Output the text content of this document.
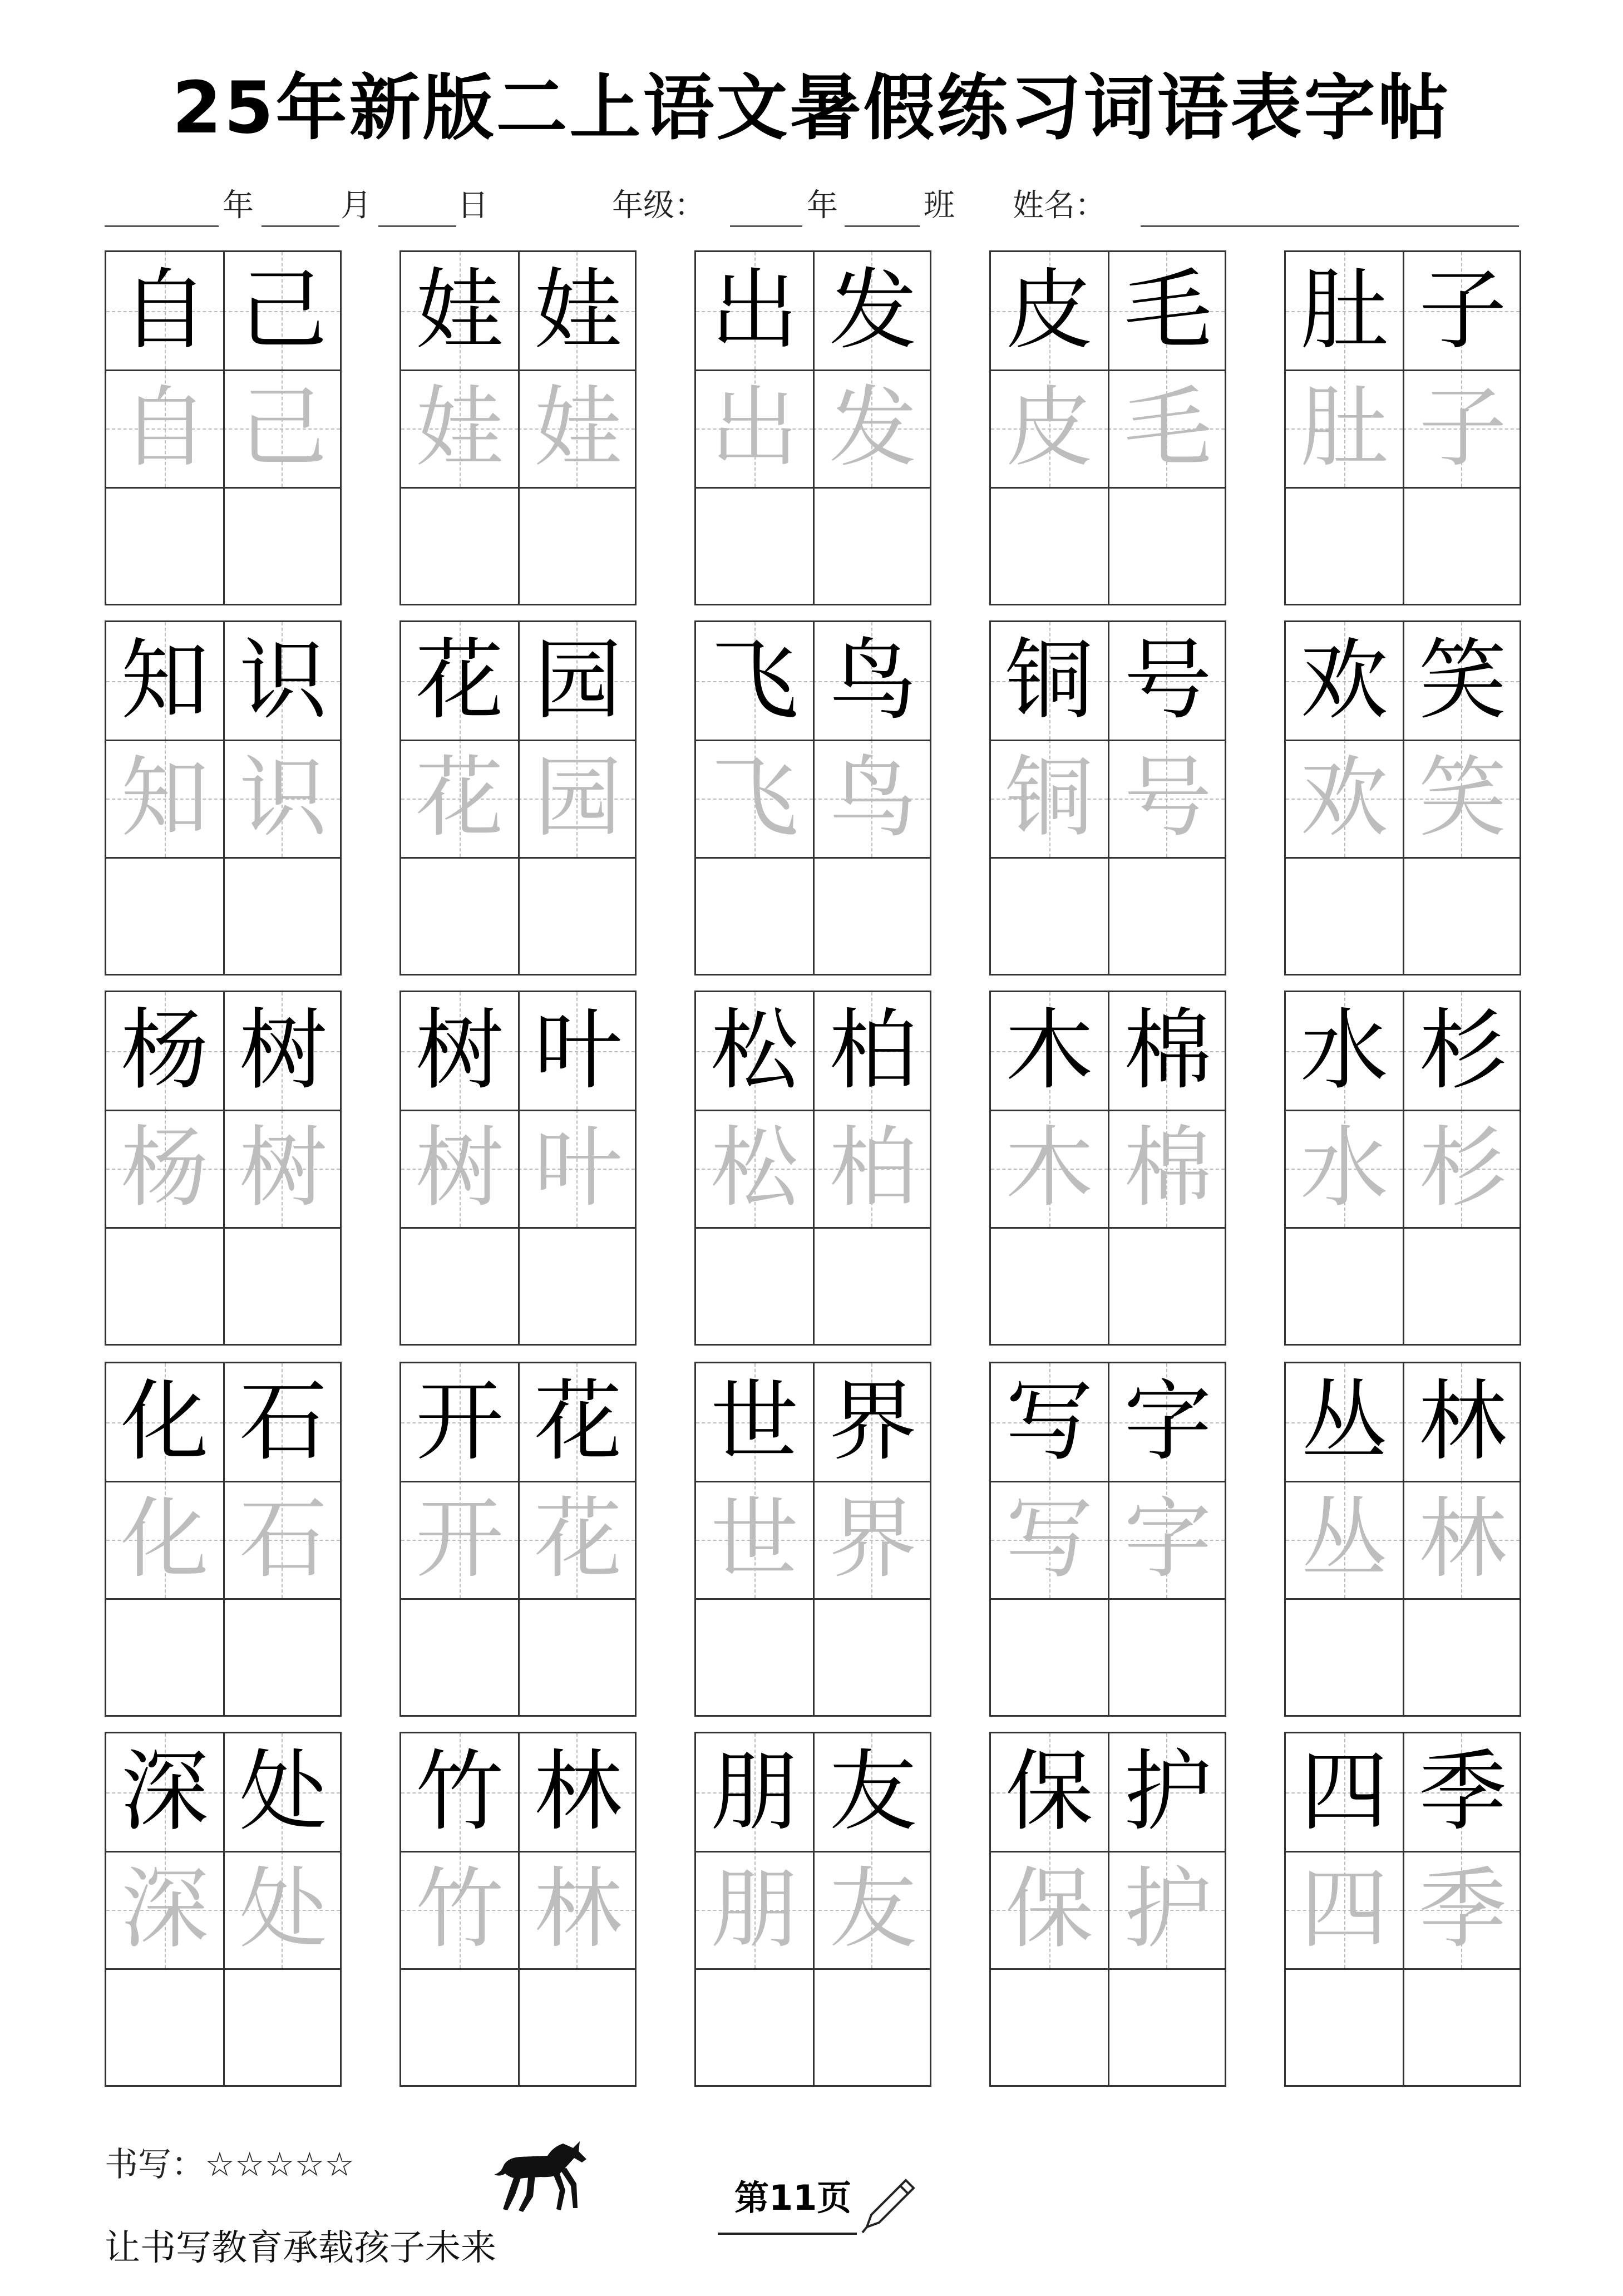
25年新版二上语文暑假练习词语表字帖
年	月	日	年级：	年	班 姓名：
自 己
自 己
娃 娃
娃 娃
出 发
出 发
皮 毛
皮 毛
肚 子
肚 子
知 识
知 识
花 园
花 园
飞 鸟
飞 鸟
铜 号
铜 号
欢 笑
欢 笑
杨 树
杨 树
树 叶
树 叶
松 柏
松 柏
木 棉
木 棉
水 杉
水 杉
化 石
化 石
开 花
开 花
世 界
世 界
写 字
写 字
丛 林
丛 林
深 处
深 处
竹 林
竹 林
朋 友
朋 友
保 护
保 护
四 季
四 季
书写：☆☆☆☆☆
第11页
让书写教育承载孩子未来
